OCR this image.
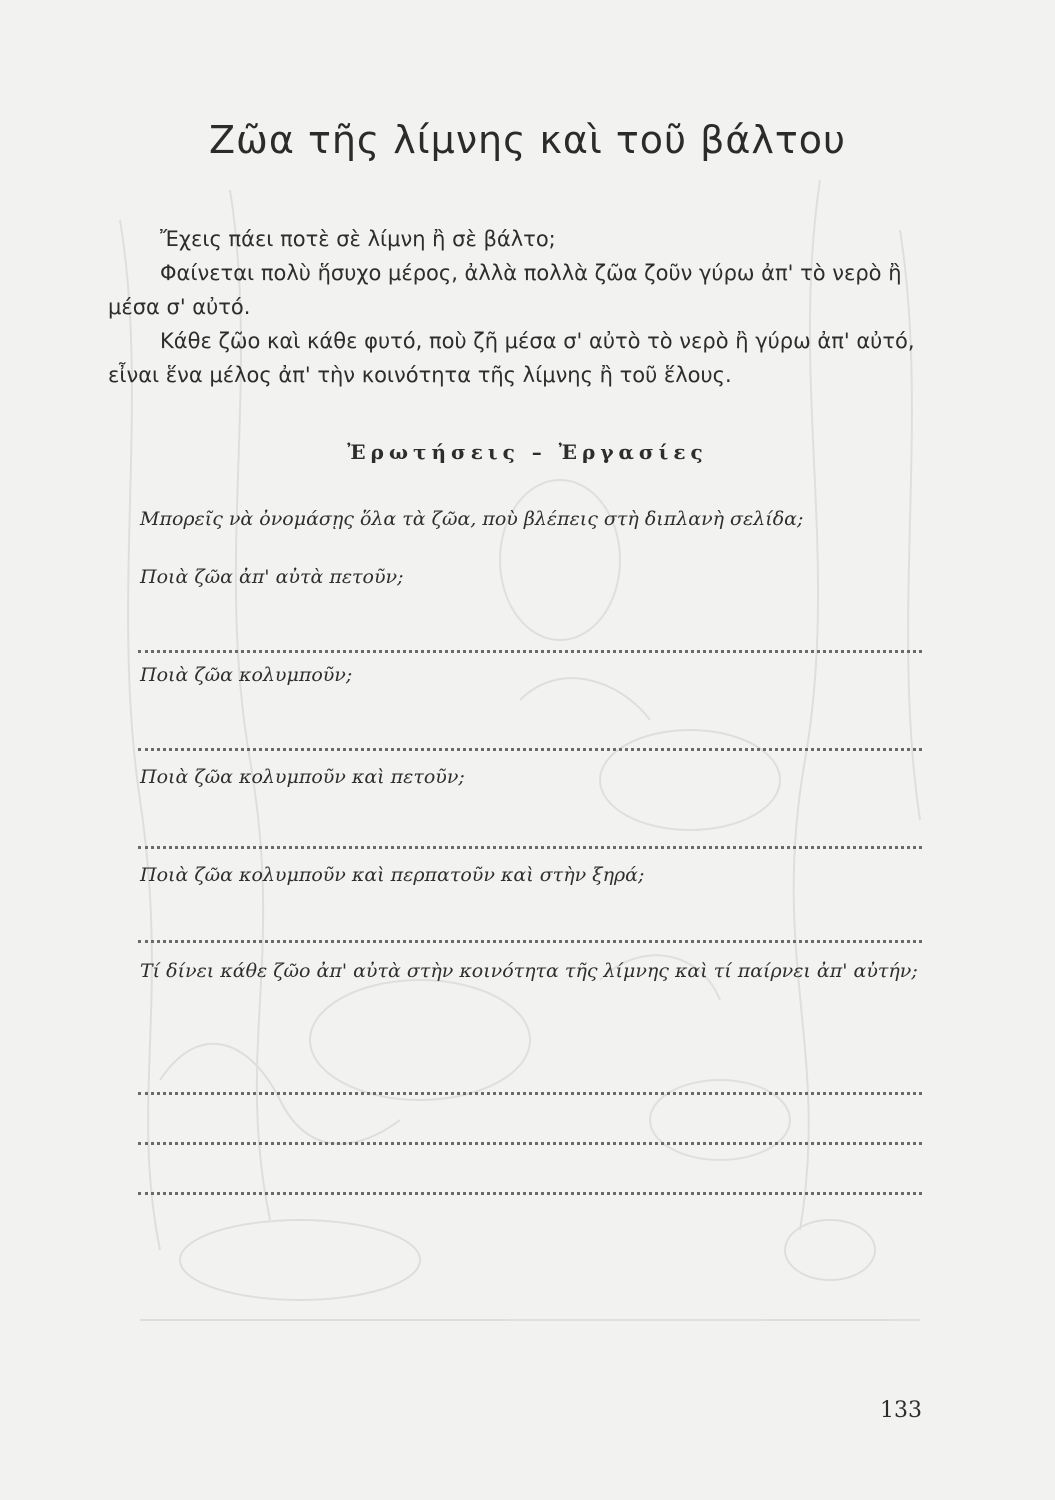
Ζῶα τῆς λίμνης καὶ τοῦ βάλτου

Ἔχεις πάει ποτὲ σὲ λίμνη ἢ σὲ βάλτο;

Φαίνεται πολὺ ἥσυχο μέρος, ἀλλὰ πολλὰ ζῶα ζοῦν γύρω ἀπ' τὸ νερὸ ἢ μέσα σ' αὐτό.

Κάθε ζῶο καὶ κάθε φυτό, ποὺ ζῆ μέσα σ' αὐτὸ τὸ νερὸ ἢ γύρω ἀπ' αὐτό, εἶναι ἕνα μέλος ἀπ' τὴν κοινότητα τῆς λίμνης ἢ τοῦ ἕλους.

Ἐρωτήσεις – Ἐργασίες

Μπορεῖς νὰ ὀνομάσῃς ὅλα τὰ ζῶα, ποὺ βλέπεις στὴ διπλανὴ σελίδα;

Ποιὰ ζῶα ἀπ' αὐτὰ πετοῦν;

Ποιὰ ζῶα κολυμποῦν;

Ποιὰ ζῶα κολυμποῦν καὶ πετοῦν;

Ποιὰ ζῶα κολυμποῦν καὶ περπατοῦν καὶ στὴν ξηρά;

Τί δίνει κάθε ζῶο ἀπ' αὐτὰ στὴν κοινότητα τῆς λίμνης καὶ τί παίρνει ἀπ' αὐτήν;

133
